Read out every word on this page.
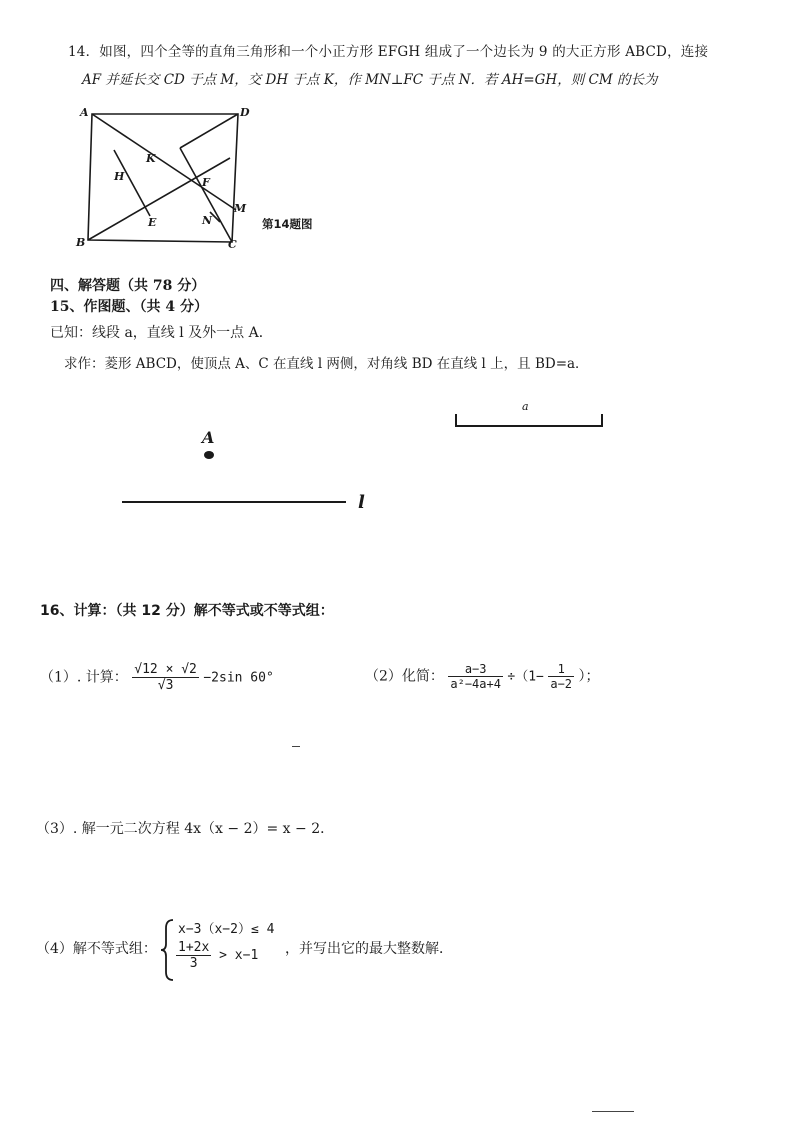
14．如图，四个全等的直角三角形和一个小正方形 EFGH 组成了一个边长为 9 的大正方形 ABCD，连接
AF 并延长交 CD 于点 M，交 DH 于点 K，作 MN⊥FC 于点 N．若 AH=GH，则 CM 的长为
A	D
B	C
E
F
M
N
H
K
第14题图
四、解答题（共 78 分）
15、作图题、（共 4 分）
已知：线段 a，直线 l 及外一点 A．
求作：菱形 ABCD，使顶点 A、C 在直线 l 两侧，对角线 BD 在直线 l 上，且 BD=a．
a
A
l
16、计算：（共 12 分）解不等式或不等式组：
（1）. 计算： $\frac{√12 \times √2}{√3} -2\sin$ 60°	（2）化简： $\frac{a-3}{\text{a²−4a+4}} \div(1- \frac{1}{a-2}$ ）；
（3）. 解一元二次方程 4x（x − 2）= x − 2．
（4）解不等式组：
x−3（x−2）≤ 4
$\frac{1+2x}{3} > x-1$ ，并写出它的最大整数解．
